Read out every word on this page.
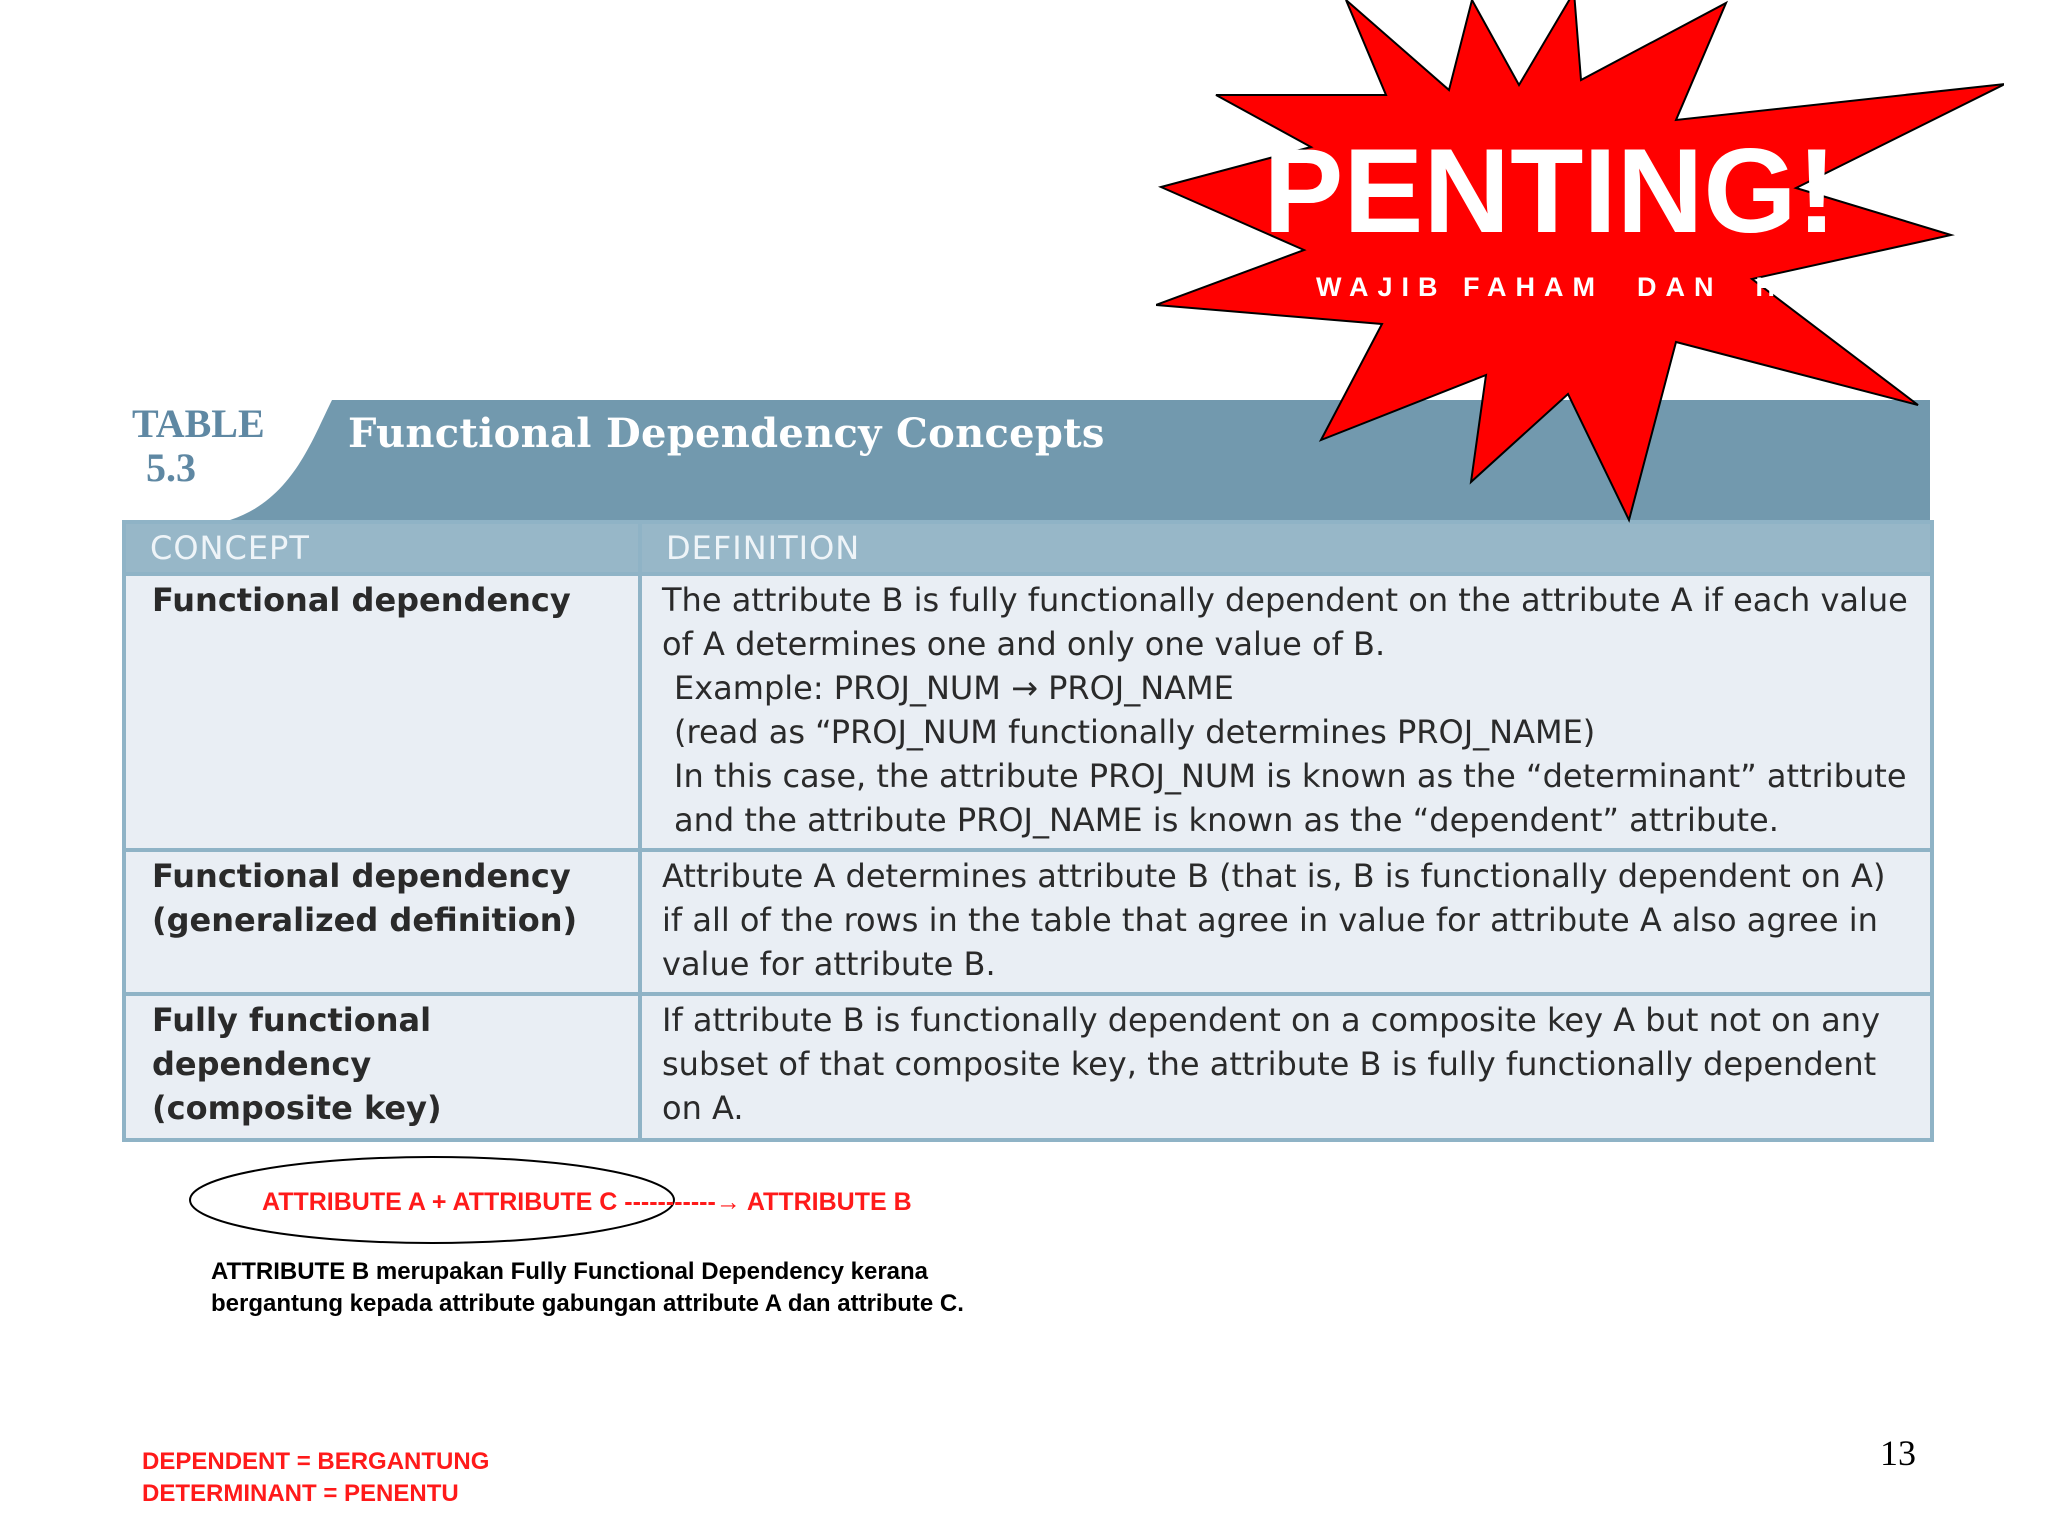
TABLE
5.3
Functional Dependency Concepts
CONCEPT	DEFINITION

Functional dependency	The attribute B is fully functionally dependent on the attribute A if each value of A determines one and only one value of B.
Example: PROJ_NUM → PROJ_NAME
(read as “PROJ_NUM functionally determines PROJ_NAME)
In this case, the attribute PROJ_NUM is known as the “determinant” attribute and the attribute PROJ_NAME is known as the “dependent” attribute.

Functional dependency
(generalized definition)	Attribute A determines attribute B (that is, B is functionally dependent on A) if all of the rows in the table that agree in value for attribute A also agree in value for attribute B.

Fully functional dependency
(composite key)	If attribute B is functionally dependent on a composite key A but not on any subset of that composite key, the attribute B is fully functionally dependent on A.
PENTING!
WAJIB FAHAM  DAN  HAFAL
ATTRIBUTE A + ATTRIBUTE C -----------→ ATTRIBUTE B
ATTRIBUTE B merupakan Fully Functional Dependency kerana
bergantung kepada attribute gabungan attribute A dan attribute C.
DEPENDENT = BERGANTUNG
DETERMINANT = PENENTU
13
